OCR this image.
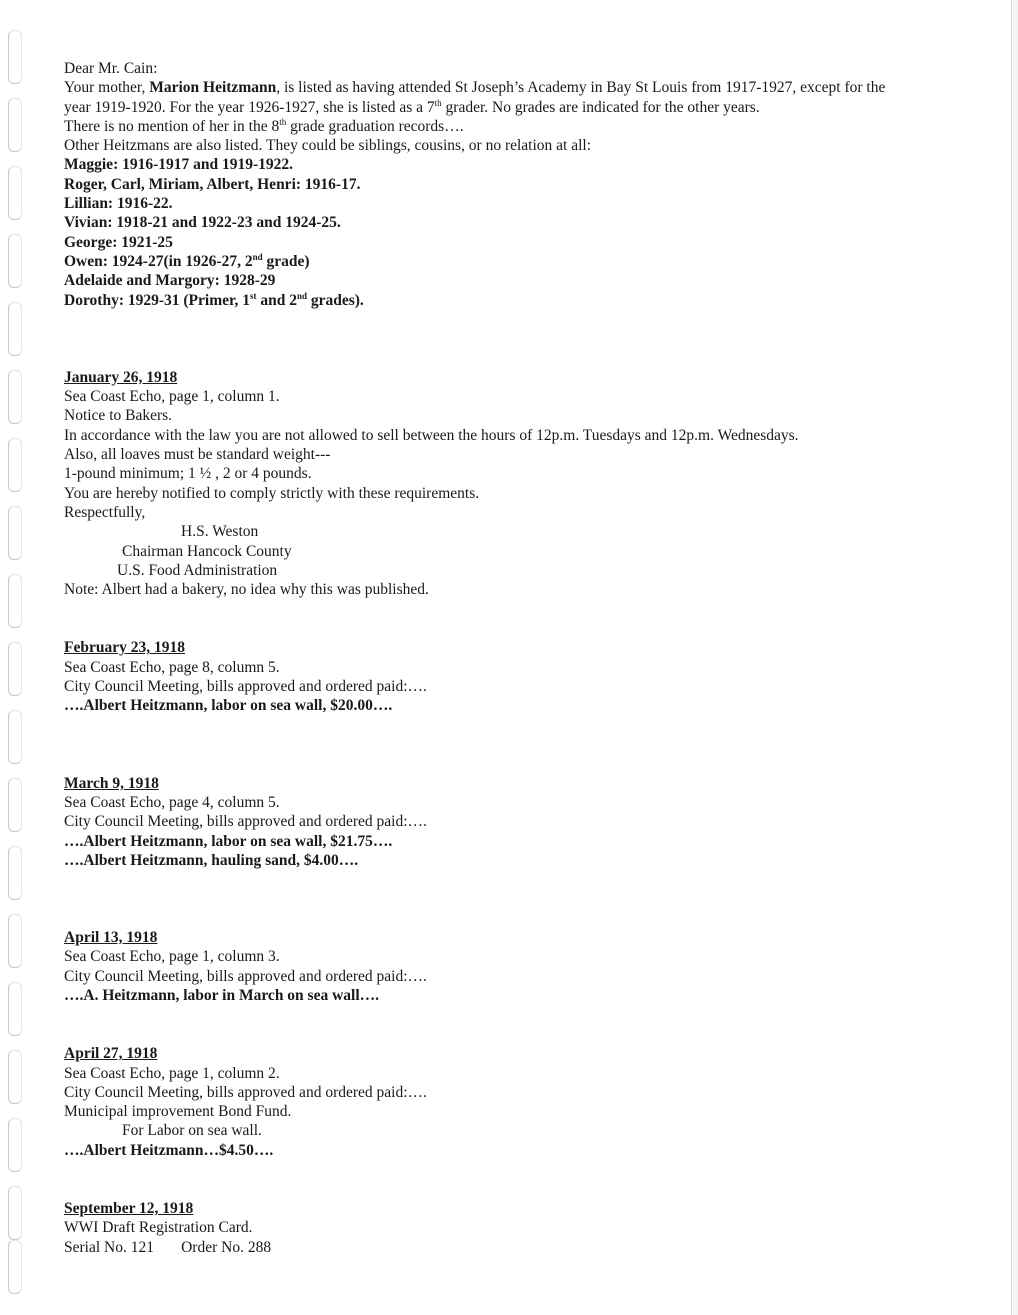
Dear Mr. Cain:
Your mother, Marion Heitzmann, is listed as having attended St Joseph’s Academy in Bay St Louis from 1917-1927, except for the
year 1919-1920. For the year 1926-1927, she is listed as a 7th grader. No grades are indicated for the other years.
There is no mention of her in the 8th grade graduation records….
Other Heitzmans are also listed. They could be siblings, cousins, or no relation at all:
Maggie: 1916-1917 and 1919-1922.
Roger, Carl, Miriam, Albert, Henri: 1916-17.
Lillian: 1916-22.
Vivian: 1918-21 and 1922-23 and 1924-25.
George: 1921-25
Owen: 1924-27(in 1926-27, 2nd grade)
Adelaide and Margory: 1928-29
Dorothy: 1929-31 (Primer, 1st and 2nd grades).
January 26, 1918
Sea Coast Echo, page 1, column 1.
Notice to Bakers.
In accordance with the law you are not allowed to sell between the hours of 12p.m. Tuesdays and 12p.m. Wednesdays.
Also, all loaves must be standard weight---
1-pound minimum; 1 ½ , 2 or 4 pounds.
You are hereby notified to comply strictly with these requirements.
Respectfully,
H.S. Weston
Chairman Hancock County
U.S. Food Administration
Note: Albert had a bakery, no idea why this was published.
February 23, 1918
Sea Coast Echo, page 8, column 5.
City Council Meeting, bills approved and ordered paid:….
….Albert Heitzmann, labor on sea wall, $20.00….
March 9, 1918
Sea Coast Echo, page 4, column 5.
City Council Meeting, bills approved and ordered paid:….
….Albert Heitzmann, labor on sea wall, $21.75….
….Albert Heitzmann, hauling sand, $4.00….
April 13, 1918
Sea Coast Echo, page 1, column 3.
City Council Meeting, bills approved and ordered paid:….
….A. Heitzmann, labor in March on sea wall….
April 27, 1918
Sea Coast Echo, page 1, column 2.
City Council Meeting, bills approved and ordered paid:….
Municipal improvement Bond Fund.
For Labor on sea wall.
….Albert Heitzmann…$4.50….
September 12, 1918
WWI Draft Registration Card.
Serial No. 121       Order No. 288
